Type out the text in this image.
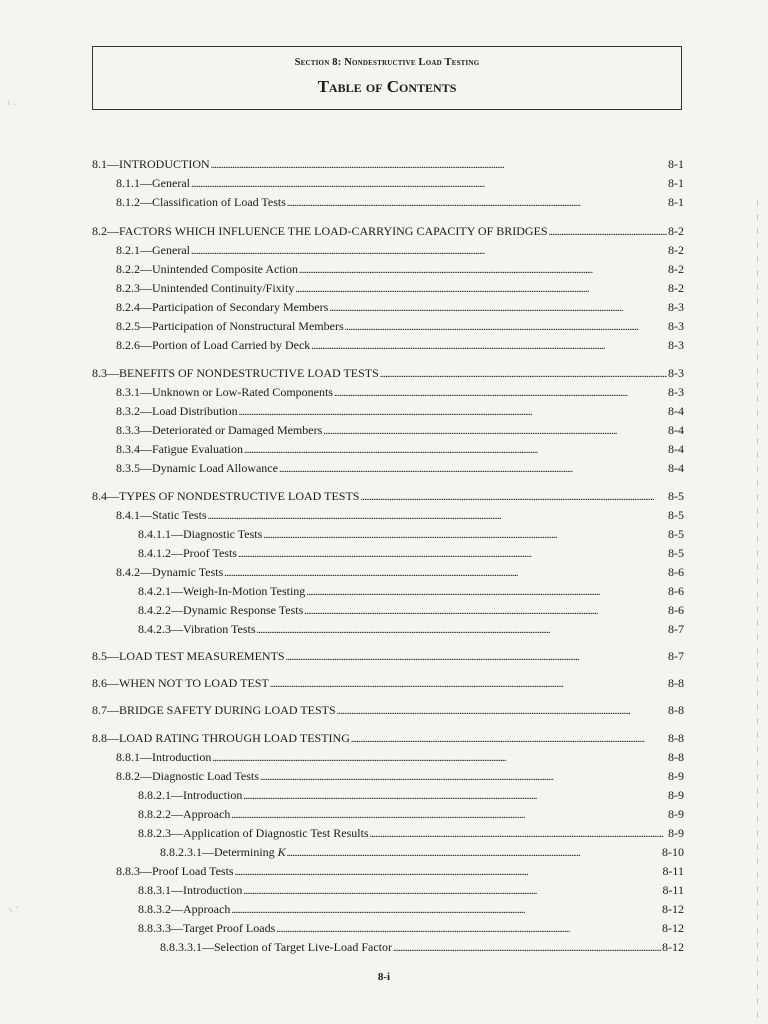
Section 8: Nondestructive Load Testing
Table of Contents
8.1—INTRODUCTION . . .	8-1
8.1.1—General . . .	8-1
8.1.2—Classification of Load Tests . . .	8-1
8.2—FACTORS WHICH INFLUENCE THE LOAD-CARRYING CAPACITY OF BRIDGES . . .	8-2
8.2.1—General . . .	8-2
8.2.2—Unintended Composite Action . . .	8-2
8.2.3—Unintended Continuity/Fixity . . .	8-2
8.2.4—Participation of Secondary Members . . .	8-3
8.2.5—Participation of Nonstructural Members . . .	8-3
8.2.6—Portion of Load Carried by Deck . . .	8-3
8.3—BENEFITS OF NONDESTRUCTIVE LOAD TESTS . . .	8-3
8.3.1—Unknown or Low-Rated Components . . .	8-3
8.3.2—Load Distribution . . .	8-4
8.3.3—Deteriorated or Damaged Members . . .	8-4
8.3.4—Fatigue Evaluation . . .	8-4
8.3.5—Dynamic Load Allowance . . .	8-4
8.4—TYPES OF NONDESTRUCTIVE LOAD TESTS . . .	8-5
8.4.1—Static Tests . . .	8-5
8.4.1.1—Diagnostic Tests . . .	8-5
8.4.1.2—Proof Tests . . .	8-5
8.4.2—Dynamic Tests . . .	8-6
8.4.2.1—Weigh-In-Motion Testing . . .	8-6
8.4.2.2—Dynamic Response Tests . . .	8-6
8.4.2.3—Vibration Tests . . .	8-7
8.5—LOAD TEST MEASUREMENTS . . .	8-7
8.6—WHEN NOT TO LOAD TEST . . .	8-8
8.7—BRIDGE SAFETY DURING LOAD TESTS . . .	8-8
8.8—LOAD RATING THROUGH LOAD TESTING . . .	8-8
8.8.1—Introduction . . .	8-8
8.8.2—Diagnostic Load Tests . . .	8-9
8.8.2.1—Introduction . . .	8-9
8.8.2.2—Approach . . .	8-9
8.8.2.3—Application of Diagnostic Test Results . . .	8-9
8.8.2.3.1—Determining K . . .	8-10
8.8.3—Proof Load Tests . . .	8-11
8.8.3.1—Introduction . . .	8-11
8.8.3.2—Approach . . .	8-12
8.8.3.3—Target Proof Loads . . .	8-12
8.8.3.3.1—Selection of Target Live-Load Factor . . .	8-12
8-i
⁽ ·
⸜ ·
